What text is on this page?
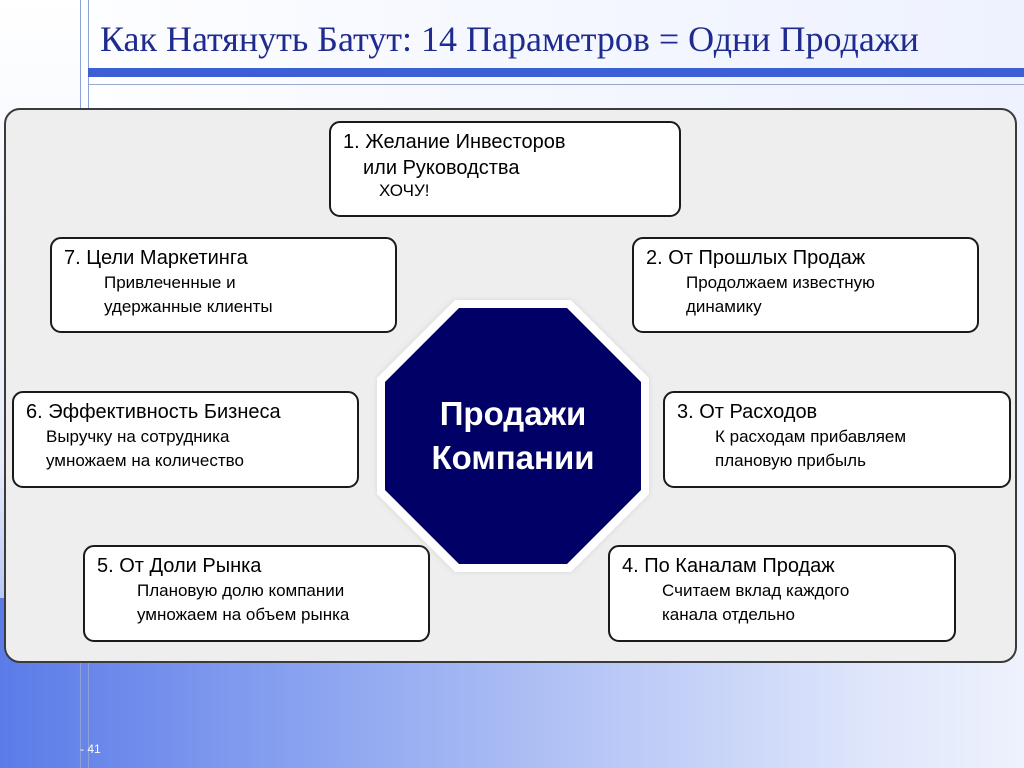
Как Натянуть Батут: 14 Параметров = Одни Продажи
1. Желание Инвесторов
или Руководства
ХОЧУ!
7. Цели Маркетинга
Привлеченные и
удержанные клиенты
2. От Прошлых Продаж
Продолжаем известную
динамику
6. Эффективность Бизнеса
Выручку на сотрудника
умножаем на количество
3. От Расходов
К расходам прибавляем
плановую прибыль
5. От Доли Рынка
Плановую долю компании
умножаем на объем рынка
4. По Каналам Продаж
Считаем вклад каждого
канала отдельно
Продажи
Компании
- 41
